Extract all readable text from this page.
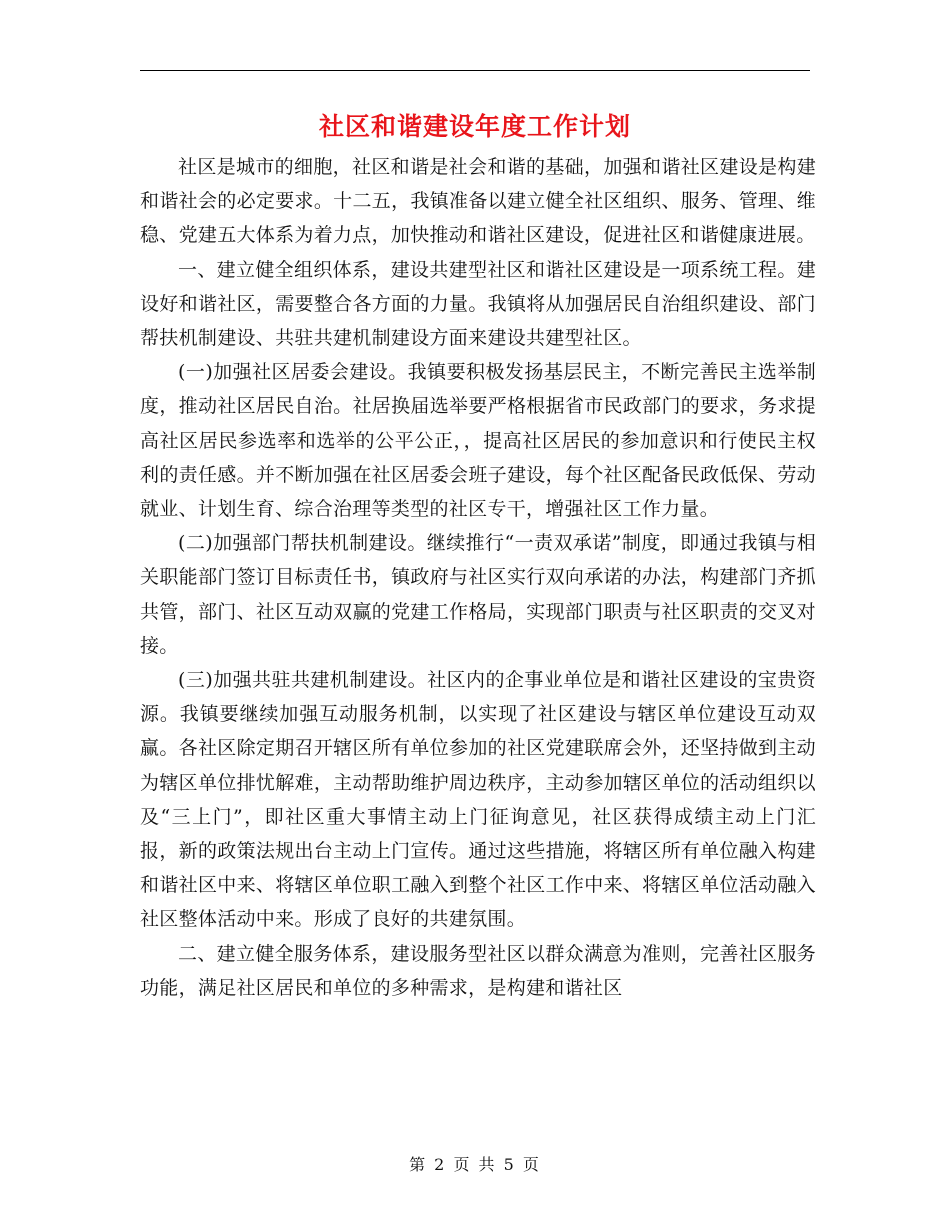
社区和谐建设年度工作计划

社区是城市的细胞，社区和谐是社会和谐的基础，加强和谐社区建设是构建和谐社会的必定要求。十二五，我镇准备以建立健全社区组织、服务、管理、维稳、党建五大体系为着力点，加快推动和谐社区建设，促进社区和谐健康进展。

一、建立健全组织体系，建设共建型社区和谐社区建设是一项系统工程。建设好和谐社区，需要整合各方面的力量。我镇将从加强居民自治组织建设、部门帮扶机制建设、共驻共建机制建设方面来建设共建型社区。

(一)加强社区居委会建设。我镇要积极发扬基层民主，不断完善民主选举制度，推动社区居民自治。社居换届选举要严格根据省市民政部门的要求，务求提高社区居民参选率和选举的公平公正，，提高社区居民的参加意识和行使民主权利的责任感。并不断加强在社区居委会班子建设，每个社区配备民政低保、劳动就业、计划生育、综合治理等类型的社区专干，增强社区工作力量。

(二)加强部门帮扶机制建设。继续推行“一责双承诺”制度，即通过我镇与相关职能部门签订目标责任书，镇政府与社区实行双向承诺的办法，构建部门齐抓共管，部门、社区互动双赢的党建工作格局，实现部门职责与社区职责的交叉对接。

(三)加强共驻共建机制建设。社区内的企事业单位是和谐社区建设的宝贵资源。我镇要继续加强互动服务机制，以实现了社区建设与辖区单位建设互动双赢。各社区除定期召开辖区所有单位参加的社区党建联席会外，还坚持做到主动为辖区单位排忧解难，主动帮助维护周边秩序，主动参加辖区单位的活动组织以及“三上门”，即社区重大事情主动上门征询意见，社区获得成绩主动上门汇报，新的政策法规出台主动上门宣传。通过这些措施，将辖区所有单位融入构建和谐社区中来、将辖区单位职工融入到整个社区工作中来、将辖区单位活动融入社区整体活动中来。形成了良好的共建氛围。

二、建立健全服务体系，建设服务型社区以群众满意为准则，完善社区服务功能，满足社区居民和单位的多种需求，是构建和谐社区

第 2 页 共 5 页
